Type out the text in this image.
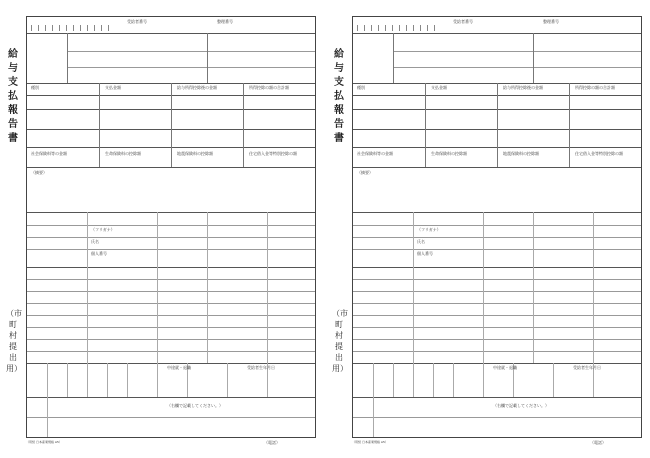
給与支払報告書
（市町村提出用）
受給者番号	整理番号
種別	支払金額	給与所得控除後の金額	所得控除の額の合計額
社会保険料等の金額	生命保険料の控除額	地震保険料の控除額	住宅借入金等特別控除の額
（摘要）
（フリガナ）
氏名
個人番号
中途就・退職	受給者生年月日
（右欄で記載してください。）
（用紙 日本産業規格 A5）	（電話）
給与支払報告書
（市町村提出用）
受給者番号	整理番号
種別	支払金額	給与所得控除後の金額	所得控除の額の合計額
社会保険料等の金額	生命保険料の控除額	地震保険料の控除額	住宅借入金等特別控除の額
（摘要）
（フリガナ）
氏名
個人番号
中途就・退職	受給者生年月日
（右欄で記載してください。）
（用紙 日本産業規格 A5）	（電話）
